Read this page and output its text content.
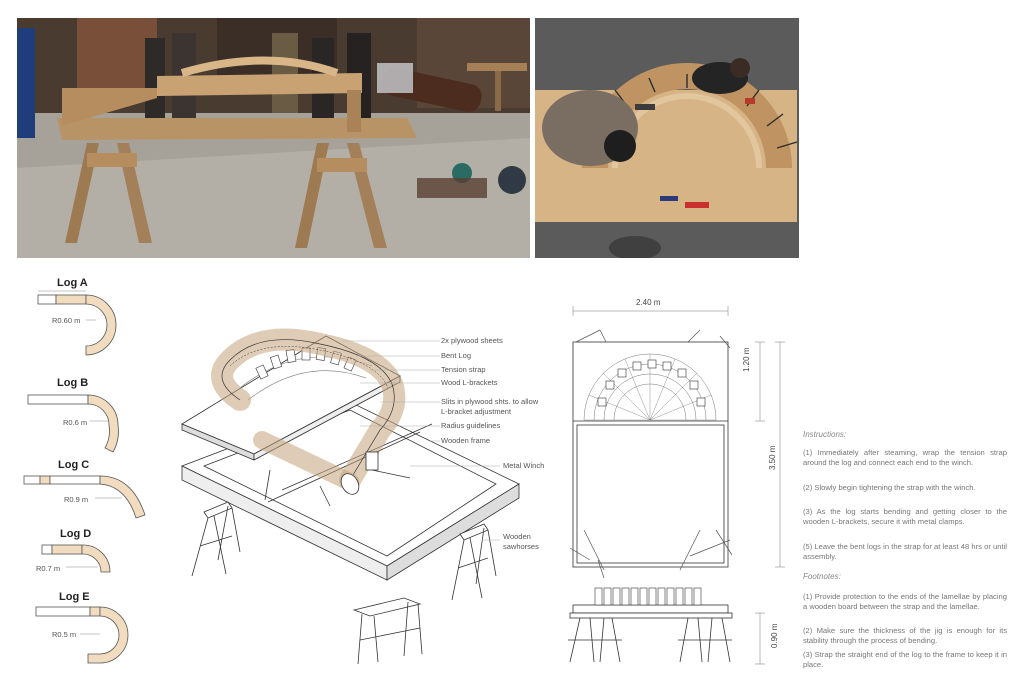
Log A
R0.60 m
Log B
R0.6 m
Log C
R0.9 m
Log D
R0.7 m
Log E
R0.5 m
2x plywood sheets
Bent Log
Tension strap
Wood L-brackets
Slits in plywood shts. to allow
L-bracket adjustment
Radius guidelines
Wooden frame
Metal Winch
Wooden
sawhorses
2.40 m
1.20 m
3.50 m
0.90 m
Instructions:
(1) Immediately after steaming, wrap the tension strap around the log and connect each end to the winch.
(2) Slowly begin tightening the strap with the winch.
(3) As the log starts bending and getting closer to the wooden L-brackets, secure it with metal clamps.
(5) Leave the bent logs in the strap for at least 48 hrs or until assembly.
Footnotes:
(1) Provide protection to the ends of the lamellae by placing a wooden board between the strap and the lamellae.
(2) Make sure the thickness of the jig is enough for its stability through the process of bending.
(3) Strap the straight end of the log to the frame to keep it in place.
